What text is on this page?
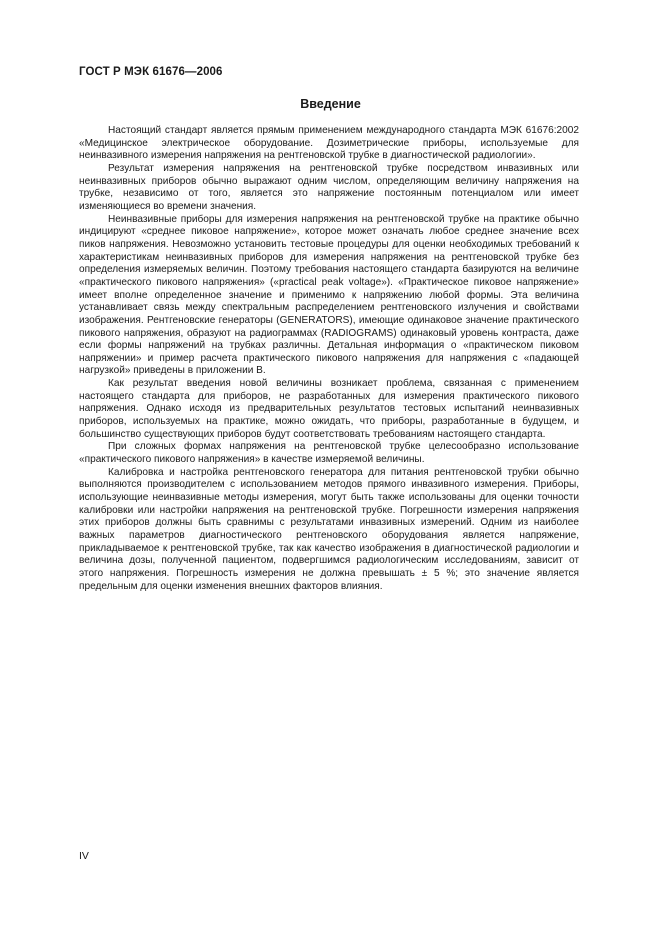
ГОСТ Р МЭК 61676—2006
Введение

Настоящий стандарт является прямым применением международного стандарта МЭК 61676:2002 «Медицинское электрическое оборудование. Дозиметрические приборы, используемые для неинвазивного измерения напряжения на рентгеновской трубке в диагностической радиологии».

Результат измерения напряжения на рентгеновской трубке посредством инвазивных или неинвазивных приборов обычно выражают одним числом, определяющим величину напряжения на трубке, независимо от того, является это напряжение постоянным потенциалом или имеет изменяющиеся во времени значения.

Неинвазивные приборы для измерения напряжения на рентгеновской трубке на практике обычно индицируют «среднее пиковое напряжение», которое может означать любое среднее значение всех пиков напряжения. Невозможно установить тестовые процедуры для оценки необходимых требований к характеристикам неинвазивных приборов для измерения напряжения на рентгеновской трубке без определения измеряемых величин. Поэтому требования настоящего стандарта базируются на величине «практического пикового напряжения» («practical peak voltage»). «Практическое пиковое напряжение» имеет вполне определенное значение и применимо к напряжению любой формы. Эта величина устанавливает связь между спектральным распределением рентгеновского излучения и свойствами изображения. Рентгеновские генераторы (GENERATORS), имеющие одинаковое значение практического пикового напряжения, образуют на радиограммах (RADIOGRAMS) одинаковый уровень контраста, даже если формы напряжений на трубках различны. Детальная информация о «практическом пиковом напряжении» и пример расчета практического пикового напряжения для напряжения с «падающей нагрузкой» приведены в приложении В.

Как результат введения новой величины возникает проблема, связанная с применением настоящего стандарта для приборов, не разработанных для измерения практического пикового напряжения. Однако исходя из предварительных результатов тестовых испытаний неинвазивных приборов, используемых на практике, можно ожидать, что приборы, разработанные в будущем, и большинство существующих приборов будут соответствовать требованиям настоящего стандарта.

При сложных формах напряжения на рентгеновской трубке целесообразно использование «практического пикового напряжения» в качестве измеряемой величины.

Калибровка и настройка рентгеновского генератора для питания рентгеновской трубки обычно выполняются производителем с использованием методов прямого инвазивного измерения. Приборы, использующие неинвазивные методы измерения, могут быть также использованы для оценки точности калибровки или настройки напряжения на рентгеновской трубке. Погрешности измерения напряжения этих приборов должны быть сравнимы с результатами инвазивных измерений. Одним из наиболее важных параметров диагностического рентгеновского оборудования является напряжение, прикладываемое к рентгеновской трубке, так как качество изображения в диагностической радиологии и величина дозы, полученной пациентом, подвергшимся радиологическим исследованиям, зависит от этого напряжения. Погрешность измерения не должна превышать ± 5 %; это значение является предельным для оценки изменения внешних факторов влияния.

IV
